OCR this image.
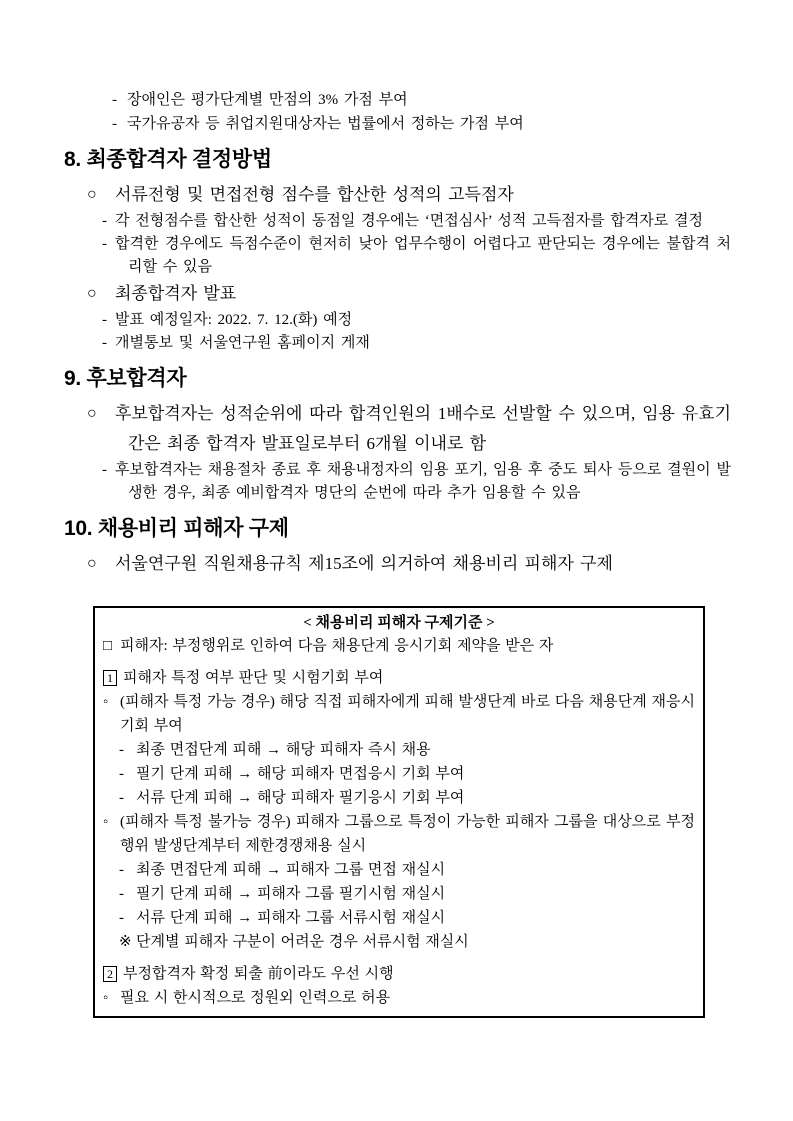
- 장애인은 평가단계별 만점의 3% 가점 부여
- 국가유공자 등 취업지원대상자는 법률에서 정하는 가점 부여
8. 최종합격자 결정방법
○	서류전형 및 면접전형 점수를 합산한 성적의 고득점자
- 각 전형점수를 합산한 성적이 동점일 경우에는 ‘면접심사’ 성적 고득점자를 합격자로 결정
- 합격한 경우에도 득점수준이 현저히 낮아 업무수행이 어렵다고 판단되는 경우에는 불합격 처리할 수 있음
○	최종합격자 발표
- 발표 예정일자: 2022. 7. 12.(화) 예정
- 개별통보 및 서울연구원 홈페이지 게재
9. 후보합격자
○	후보합격자는 성적순위에 따라 합격인원의 1배수로 선발할 수 있으며, 임용 유효기간은 최종 합격자 발표일로부터 6개월 이내로 함
- 후보합격자는 채용절차 종료 후 채용내정자의 임용 포기, 임용 후 중도 퇴사 등으로 결원이 발생한 경우, 최종 예비합격자 명단의 순번에 따라 추가 임용할 수 있음
10. 채용비리 피해자 구제
○	서울연구원 직원채용규칙 제15조에 의거하여 채용비리 피해자 구제
< 채용비리 피해자 구제기준 >
□ 피해자: 부정행위로 인하여 다음 채용단계 응시기회 제약을 받은 자
1 피해자 특정 여부 판단 및 시험기회 부여
◦ (피해자 특정 가능 경우) 해당 직접 피해자에게 피해 발생단계 바로 다음 채용단계 재응시 기회 부여
- 최종 면접단계 피해 → 해당 피해자 즉시 채용
- 필기 단계 피해 → 해당 피해자 면접응시 기회 부여
- 서류 단계 피해 → 해당 피해자 필기응시 기회 부여
◦ (피해자 특정 불가능 경우) 피해자 그룹으로 특정이 가능한 피해자 그룹을 대상으로 부정행위 발생단계부터 제한경쟁채용 실시
- 최종 면접단계 피해 → 피해자 그룹 면접 재실시
- 필기 단계 피해 → 피해자 그룹 필기시험 재실시
- 서류 단계 피해 → 피해자 그룹 서류시험 재실시
※ 단계별 피해자 구분이 어려운 경우 서류시험 재실시
2 부정합격자 확정 퇴출 前이라도 우선 시행
◦ 필요 시 한시적으로 정원외 인력으로 허용
